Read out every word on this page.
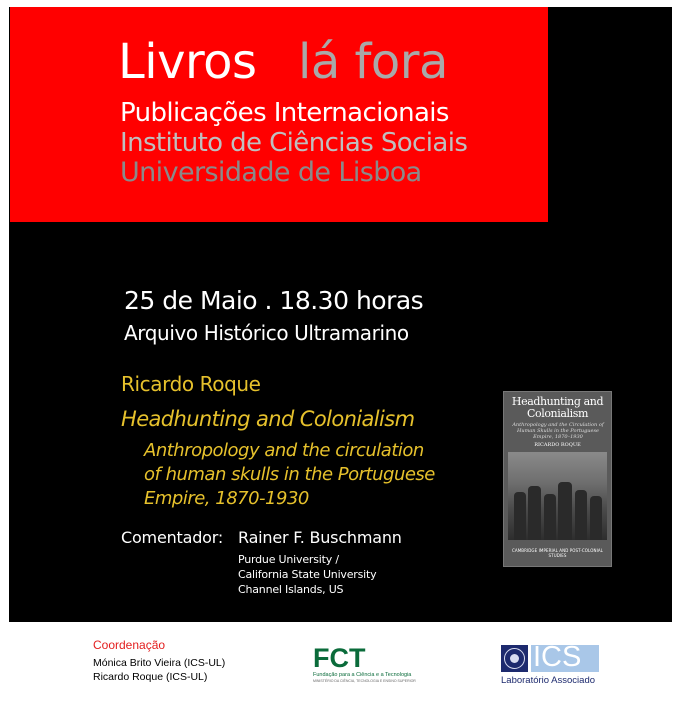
Livros lá fora
Publicações Internacionais
Instituto de Ciências Sociais
Universidade de Lisboa
25 de Maio . 18.30 horas
Arquivo Histórico Ultramarino
Ricardo Roque
Headhunting and Colonialism
Anthropology and the circulation
of human skulls in the Portuguese
Empire, 1870-1930
Comentador: Rainer F. Buschmann
Purdue University /
California State University
Channel Islands, US
Headhunting and
Colonialism
Anthropology and the Circulation of Human Skulls in the Portuguese Empire, 1870–1930
RICARDO ROQUE
CAMBRIDGE IMPERIAL AND POST-COLONIAL STUDIES
Coordenação
Mónica Brito Vieira (ICS-UL)
Ricardo Roque (ICS-UL)
FCT
Fundação para a Ciência e a Tecnologia
MINISTÉRIO DA CIÊNCIA, TECNOLOGIA E ENSINO SUPERIOR
ICS
Laboratório Associado
